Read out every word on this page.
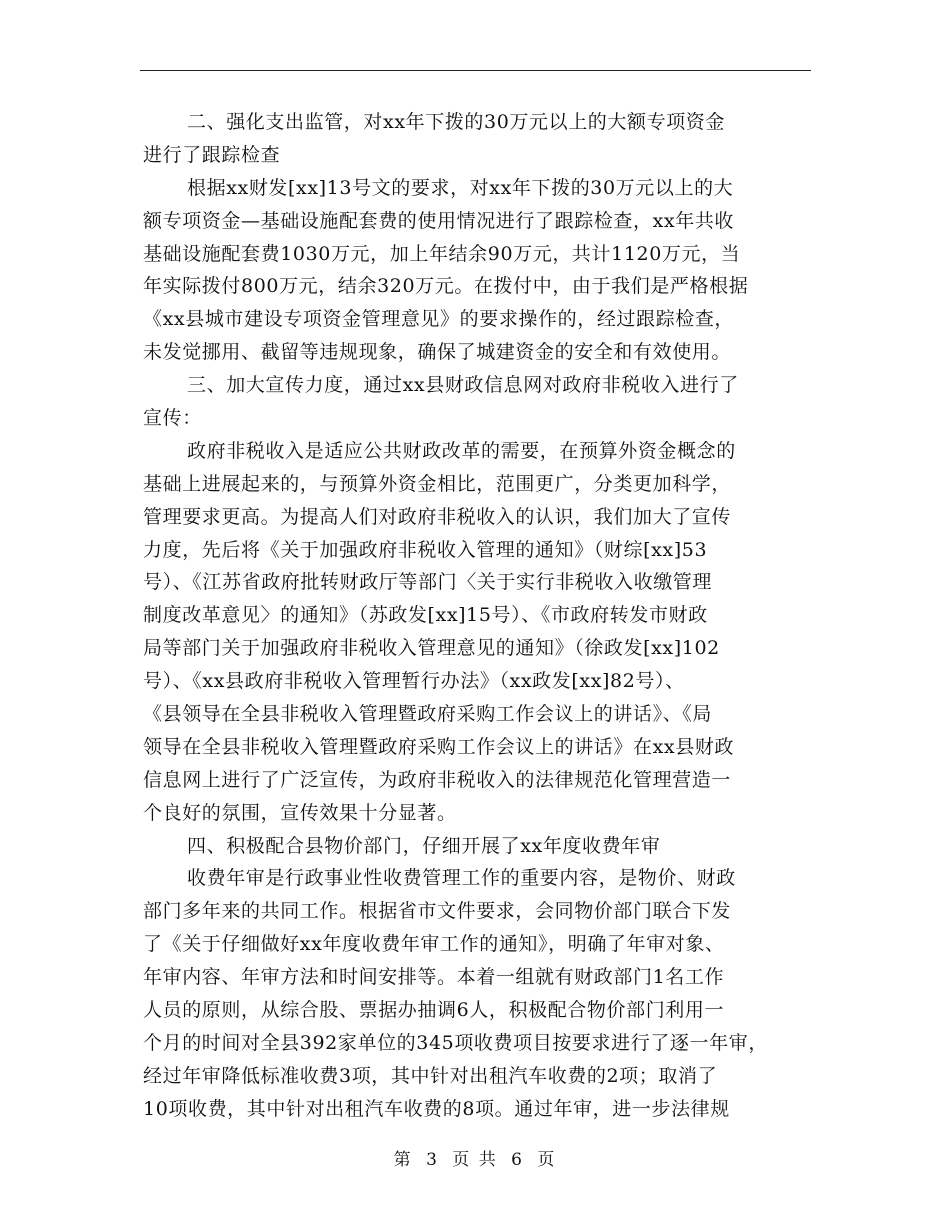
二、强化支出监管，对xx年下拨的30万元以上的大额专项资金
进行了跟踪检查
根据xx财发[xx]13号文的要求，对xx年下拨的30万元以上的大
额专项资金—基础设施配套费的使用情况进行了跟踪检查，xx年共收
基础设施配套费1030万元，加上年结余90万元，共计1120万元，当
年实际拨付800万元，结余320万元。在拨付中，由于我们是严格根据
《xx县城市建设专项资金管理意见》的要求操作的，经过跟踪检查，
未发觉挪用、截留等违规现象，确保了城建资金的安全和有效使用。
三、加大宣传力度，通过xx县财政信息网对政府非税收入进行了
宣传：
政府非税收入是适应公共财政改革的需要，在预算外资金概念的
基础上进展起来的，与预算外资金相比，范围更广，分类更加科学，
管理要求更高。为提高人们对政府非税收入的认识，我们加大了宣传
力度，先后将《关于加强政府非税收入管理的通知》（财综[xx]53
号）、《江苏省政府批转财政厅等部门〈关于实行非税收入收缴管理
制度改革意见〉的通知》（苏政发[xx]15号）、《市政府转发市财政
局等部门关于加强政府非税收入管理意见的通知》（徐政发[xx]102
号）、《xx县政府非税收入管理暂行办法》（xx政发[xx]82号）、
《县领导在全县非税收入管理暨政府采购工作会议上的讲话》、《局
领导在全县非税收入管理暨政府采购工作会议上的讲话》在xx县财政
信息网上进行了广泛宣传，为政府非税收入的法律规范化管理营造一
个良好的氛围，宣传效果十分显著。
四、积极配合县物价部门，仔细开展了xx年度收费年审
收费年审是行政事业性收费管理工作的重要内容，是物价、财政
部门多年来的共同工作。根据省市文件要求，会同物价部门联合下发
了《关于仔细做好xx年度收费年审工作的通知》，明确了年审对象、
年审内容、年审方法和时间安排等。本着一组就有财政部门1名工作
人员的原则，从综合股、票据办抽调6人，积极配合物价部门利用一
个月的时间对全县392家单位的345项收费项目按要求进行了逐一年审，
经过年审降低标准收费3项，其中针对出租汽车收费的2项；取消了
10项收费，其中针对出租汽车收费的8项。通过年审，进一步法律规
第 3 页 共 6 页
